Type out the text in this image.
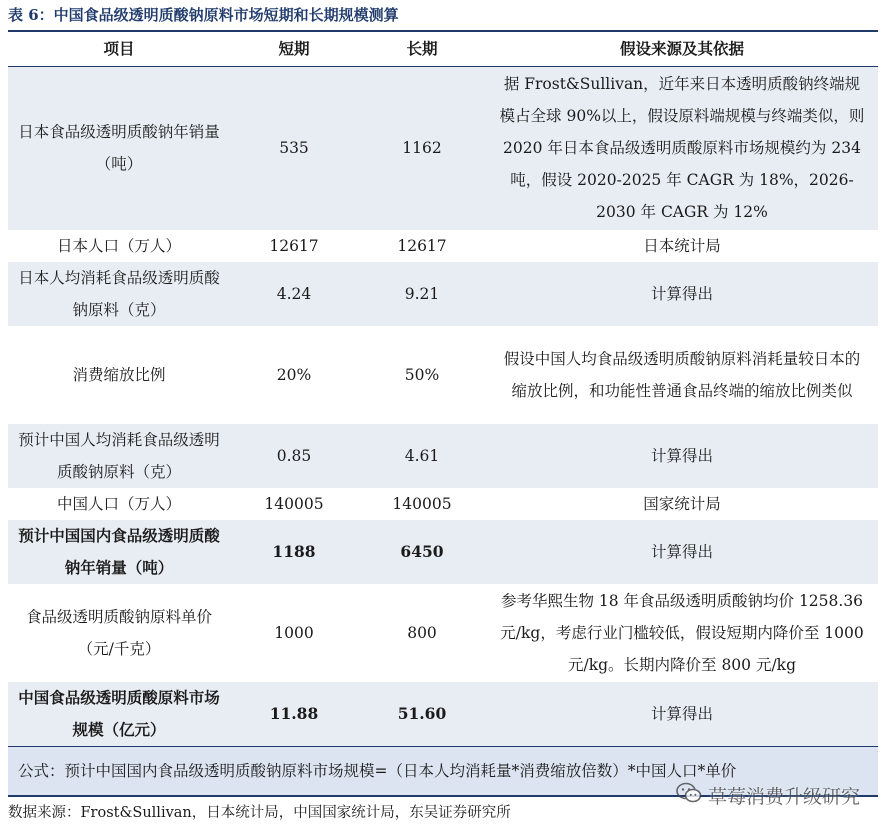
表 6：中国食品级透明质酸钠原料市场短期和长期规模测算
项目	短期	长期	假设来源及其依据
日本食品级透明质酸钠年销量（吨）	535	1162	据 Frost&Sullivan，近年来日本透明质酸钠终端规模占全球 90%以上，假设原料端规模与终端类似，则 2020 年日本食品级透明质酸原料市场规模约为 234 吨，假设 2020-2025 年 CAGR 为 18%，2026-2030 年 CAGR 为 12%
日本人口（万人）	12617	12617	日本统计局
日本人均消耗食品级透明质酸钠原料（克）	4.24	9.21	计算得出
消费缩放比例	20%	50%	假设中国人均食品级透明质酸钠原料消耗量较日本的缩放比例，和功能性普通食品终端的缩放比例类似
预计中国人均消耗食品级透明质酸钠原料（克）	0.85	4.61	计算得出
中国人口（万人）	140005	140005	国家统计局
预计中国国内食品级透明质酸钠年销量（吨）	1188	6450	计算得出
食品级透明质酸钠原料单价（元/千克）	1000	800	参考华熙生物 18 年食品级透明质酸钠均价 1258.36 元/kg，考虑行业门槛较低，假设短期内降价至 1000 元/kg。长期内降价至 800 元/kg
中国食品级透明质酸原料市场规模（亿元）	11.88	51.60	计算得出
公式：预计中国国内食品级透明质酸钠原料市场规模=（日本人均消耗量*消费缩放倍数）*中国人口*单价			
数据来源：Frost&Sullivan，日本统计局，中国国家统计局，东吴证券研究所
草莓消费升级研究
